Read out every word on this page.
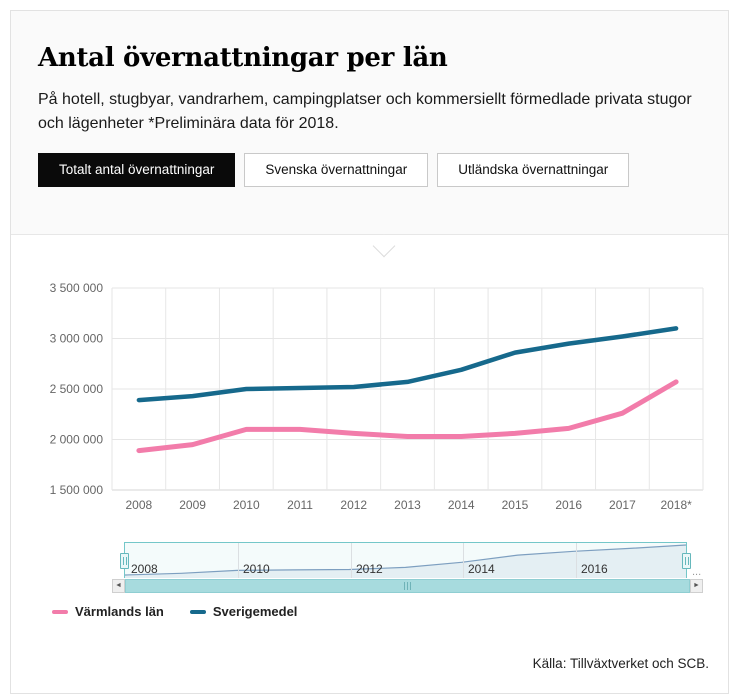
Antal övernattningar per län

På hotell, stugbyar, vandrarhem, campingplatser och kommersiellt förmedlade privata stugor och lägenheter *Preliminära data för 2018.

Totalt antal övernattningar	Svenska övernattningar	Utländska övernattningar
3 500 000
3 000 000
2 500 000
2 000 000
1 500 000
2008 2009 2010 2011 2012 2013 2014 2015 2016 2017 2018*
2008	2010	2012	2014	2016	...
◄	►
Värmlands län	Sverigemedel
Källa: Tillväxtverket och SCB.
